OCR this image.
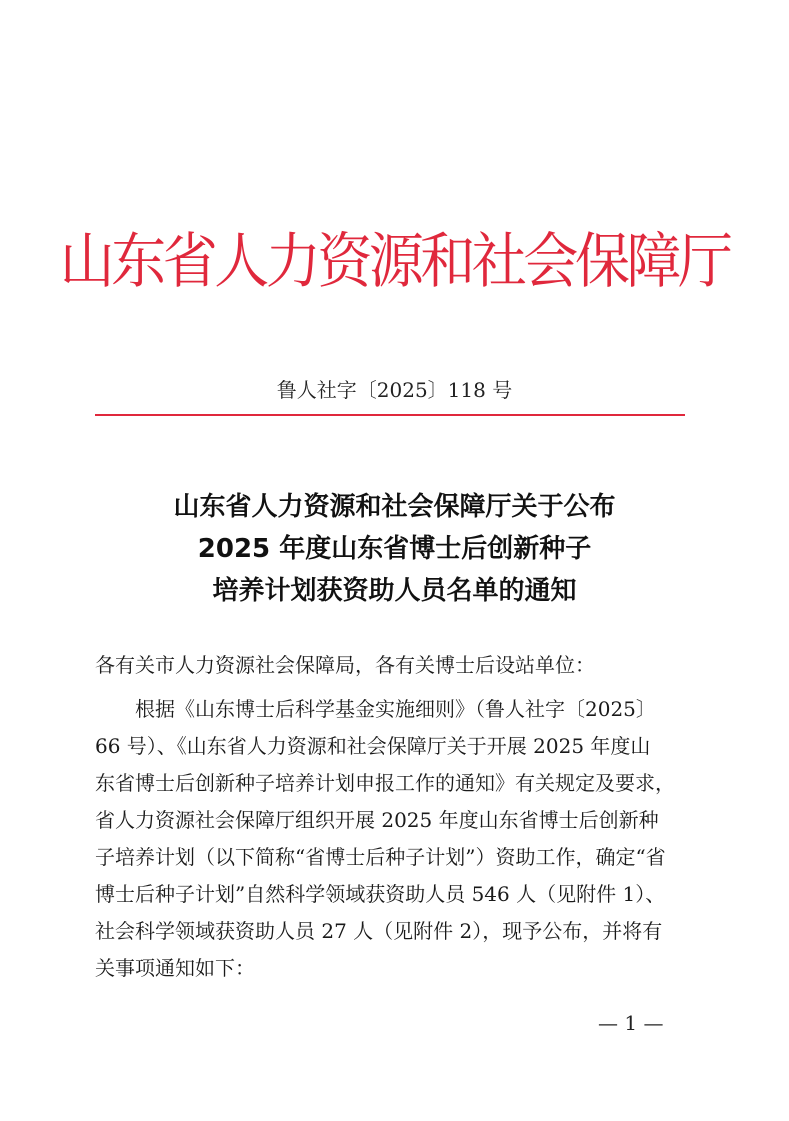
山东省人力资源和社会保障厅
鲁人社字〔2025〕118 号
山东省人力资源和社会保障厅关于公布
2025 年度山东省博士后创新种子
培养计划获资助人员名单的通知
各有关市人力资源社会保障局，各有关博士后设站单位：
根据《山东博士后科学基金实施细则》（鲁人社字〔2025〕
66 号）、《山东省人力资源和社会保障厅关于开展 2025 年度山
东省博士后创新种子培养计划申报工作的通知》有关规定及要求，
省人力资源社会保障厅组织开展 2025 年度山东省博士后创新种
子培养计划（以下简称“省博士后种子计划”）资助工作，确定“省
博士后种子计划”自然科学领域获资助人员 546 人（见附件 1）、
社会科学领域获资助人员 27 人（见附件 2），现予公布，并将有
关事项通知如下：
— 1 —
